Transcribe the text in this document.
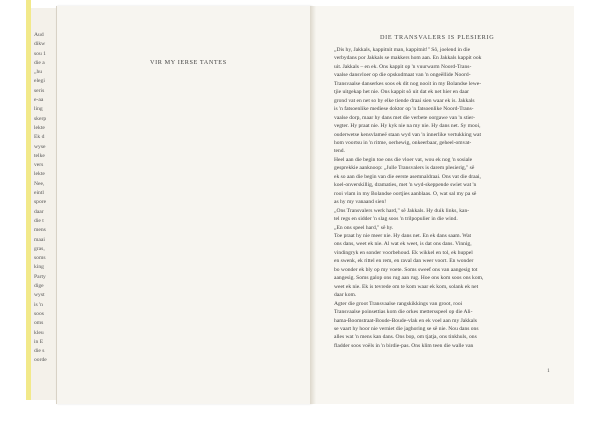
Aud
dikw
sou 1
die a
„hu
elegi
seris
e-aa
ling
skerp
lekte
Ek d
wyse
telke
vers
lekte
Nee,
eintl
spore
daar
die t
mens
maai
gras,
soms
king
Party
dige
wyst
is 'n
soos
oms
kleu
in E
die s
oorde
VIR MY IERSE TANTES
DIE TRANSVALERS IS PLESIERIG
„Dis hy, Jakkals, kappitnit man, kappitnit!" Sô, joelend in die
verbydans por Jakkals se makkers hom aan. En Jakkals kappit ook
uit. Jakkals – en ek. Ons kappit op 'n vuurwarm Noord-Trans-
vaalse dansvloer op die opskudmaat van 'n ongeëllide Noord-
Transvaalse danserkes soos ek dit nog nooit in my Bolandse lewe-
tjie uitgekap het nie. Ons kappit sô uit dat ek net hier en daar
grond vat en net so by elke tiende draai sien waar ek is. Jakkals
is 'n fatsoenlike mediese doktor op 'n fatsoenlike Noord-Trans-
vaalse dorp, maar hy dans met die verbete oorgawe van 'n stier-
vegter. Hy praat nie. Hy kyk nie na my nie. Hy dans net. Sy mooi,
ouderwetse kensvlameë staan wyd van 'n innerlike vertukking wat
hom voortsu in 'n ritme, oerhewig, onkeerbaar, geheel-omvat-
tend.
Heel aan die begin toe ons die vloer vat, wou ek nog 'n sosiale
gesprekkie aanknoop: „Julle Transvalers is darem plesierig," sê
ek so aan die begin van die eerste asemnaldraai. Ons vat die draai,
koel-onverskillig, dramaties, met 'n wyd-skeppende swiet wat 'n
rooi vlam in my Bolandse oortjies aanblaas. O, wat sal my pa sê
as hy my vanaand sien!
„Ons Transvalers werk hard," sê Jakkals. Hy duik links, kan-
tel regs en sidder 'n slag soos 'n trilpopulier in die wind.
„En ons speel hard," sê hy.
Toe praat hy nie meer nie. Hy dans net. En ek dans saam. Wat
ons dans, weet ek nie. Al wat ek weet, is dat ons dans. Vinnig,
vindingryk en sonder voorbehoud. Ek wikkel en tol, ek huppel
en swenk, ek rittel en rem, en raval dan weer voort. En wonder
bo wonder ek bly op my voete. Soms sweef ons van aangesig tot
aangesig. Soms galop ons rug aan rug. Hoe ons kom soos ons kom,
weet ek nie. Ek is tevrede om te kom waar ek kom, solank ek net
daar kom.
Agter die groot Transvaalse rangskikkings van groot, rooi
Transvaalse poinsettias kom die orkes mettersspeel op die Ali-
hama-Boomstraat-Boude-Boude-vlak en ek voel aan my Jakkals
se vaart hy hoor nie verniet die jaghoring se sê nie. Nou dans ons
alles wat 'n mens kan dans. Ons bop, om tjatja, ons tinkhuls, ons
fladder soos voëls in 'n birdie-pas. Ons klim teen die walle van
1
